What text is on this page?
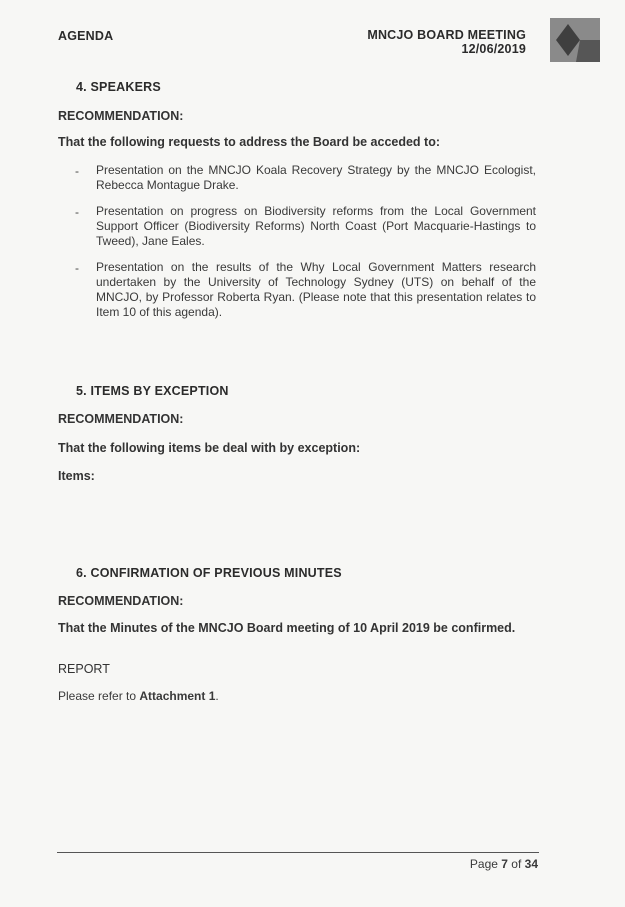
AGENDA	MNCJO BOARD MEETING
12/06/2019
4. SPEAKERS
RECOMMENDATION:
That the following requests to address the Board be acceded to:
- Presentation on the MNCJO Koala Recovery Strategy by the MNCJO Ecologist, Rebecca Montague Drake.
- Presentation on progress on Biodiversity reforms from the Local Government Support Officer (Biodiversity Reforms) North Coast (Port Macquarie-Hastings to Tweed), Jane Eales.
- Presentation on the results of the Why Local Government Matters research undertaken by the University of Technology Sydney (UTS) on behalf of the MNCJO, by Professor Roberta Ryan. (Please note that this presentation relates to Item 10 of this agenda).
5. ITEMS BY EXCEPTION
RECOMMENDATION:
That the following items be deal with by exception:
Items:
6. CONFIRMATION OF PREVIOUS MINUTES
RECOMMENDATION:
That the Minutes of the MNCJO Board meeting of 10 April 2019 be confirmed.
REPORT
Please refer to Attachment 1.
Page 7 of 34
